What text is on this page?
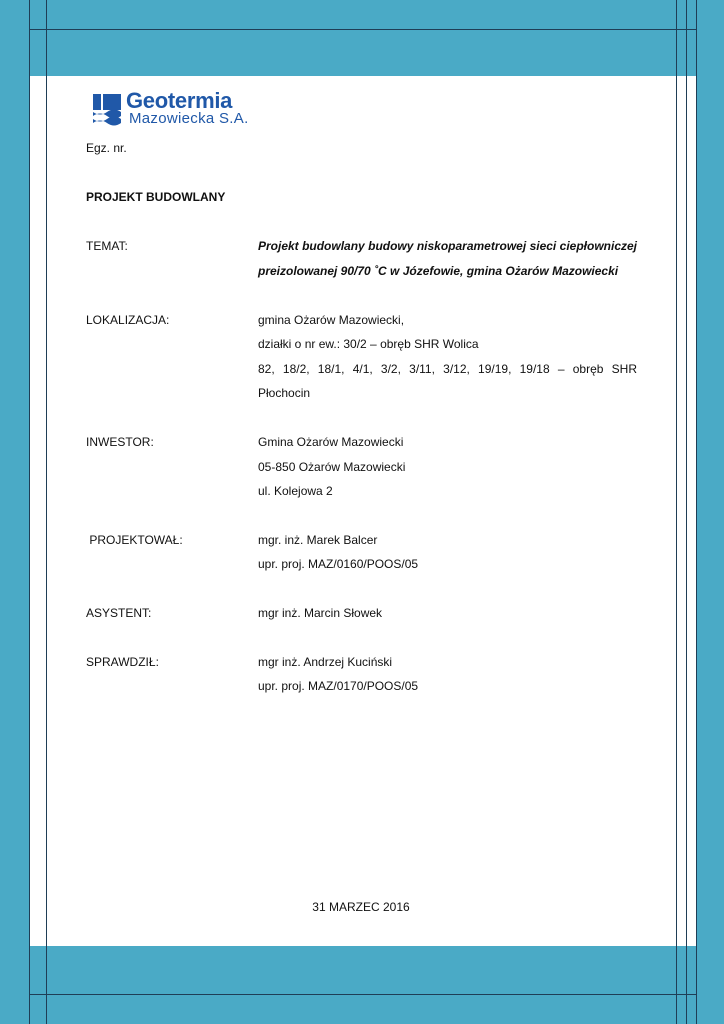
Geotermia
Mazowiecka S.A.
Egz. nr.
PROJEKT BUDOWLANY
TEMAT:	Projekt budowlany budowy niskoparametrowej sieci ciepłowniczej
preizolowanej 90/70 ˚C w Józefowie, gmina Ożarów Mazowiecki
LOKALIZACJA:	gmina Ożarów Mazowiecki,
działki o nr ew.: 30/2 – obręb SHR Wolica
82, 18/2, 18/1, 4/1, 3/2, 3/11, 3/12, 19/19, 19/18 – obręb SHR
Płochocin
INWESTOR:	Gmina Ożarów Mazowiecki
05-850 Ożarów Mazowiecki
ul. Kolejowa 2
PROJEKTOWAŁ:	mgr. inż. Marek Balcer
upr. proj. MAZ/0160/POOS/05
ASYSTENT:	mgr inż. Marcin Słowek
SPRAWDZIŁ:	mgr inż. Andrzej Kuciński
upr. proj. MAZ/0170/POOS/05
31 MARZEC 2016
